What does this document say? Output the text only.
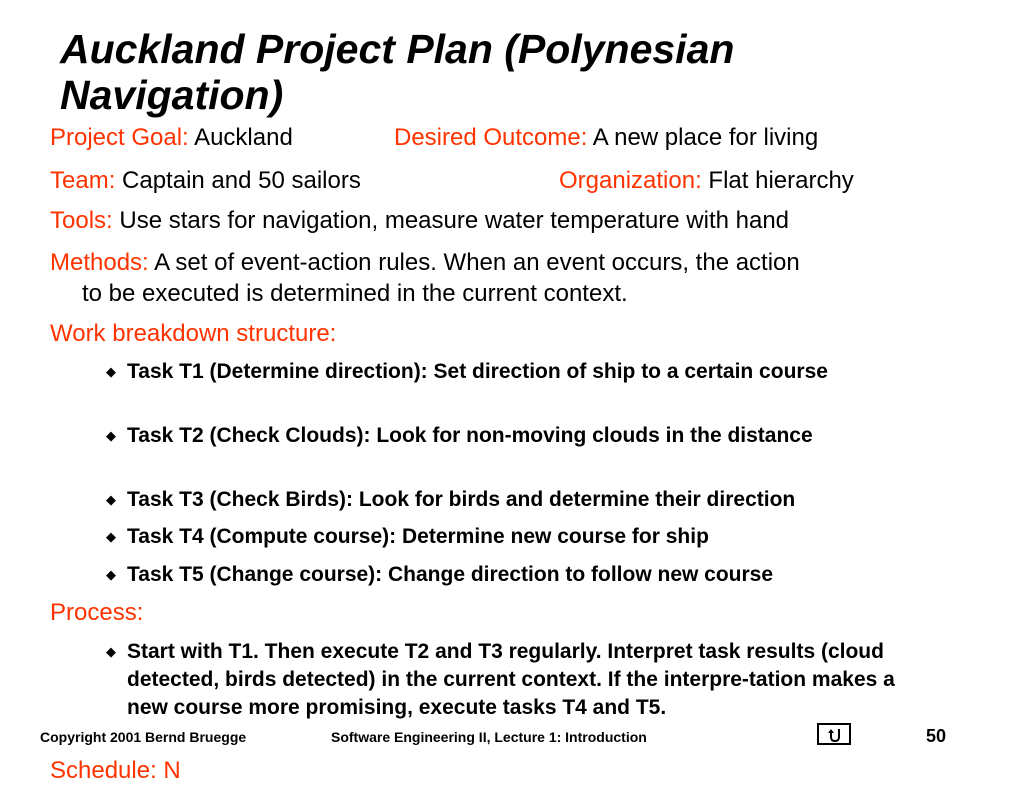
Auckland Project Plan (Polynesian Navigation)
Project Goal: Auckland	Desired Outcome: A new place for living
Team: Captain and 50 sailors	Organization: Flat hierarchy
Tools: Use stars for navigation, measure water temperature with hand
Methods: A set of event-action rules. When an event occurs, the action
to be executed is determined in the current context.
Work breakdown structure:
◆ Task T1 (Determine direction): Set direction of ship to a certain course
◆ Task T2 (Check Clouds): Look for non-moving clouds in the distance
◆ Task T3 (Check Birds): Look for birds and determine their direction
◆ Task T4 (Compute course): Determine new course for ship
◆ Task T5 (Change course): Change direction to follow new course
Process:
◆ Start with T1. Then execute T2 and T3 regularly. Interpret task results (cloud detected, birds detected) in the current context. If the interpre-tation makes a new course more promising, execute tasks T4 and T5.
Schedule: N
Copyright 2001 Bernd Bruegge	Software Engineering II, Lecture 1: Introduction	50
